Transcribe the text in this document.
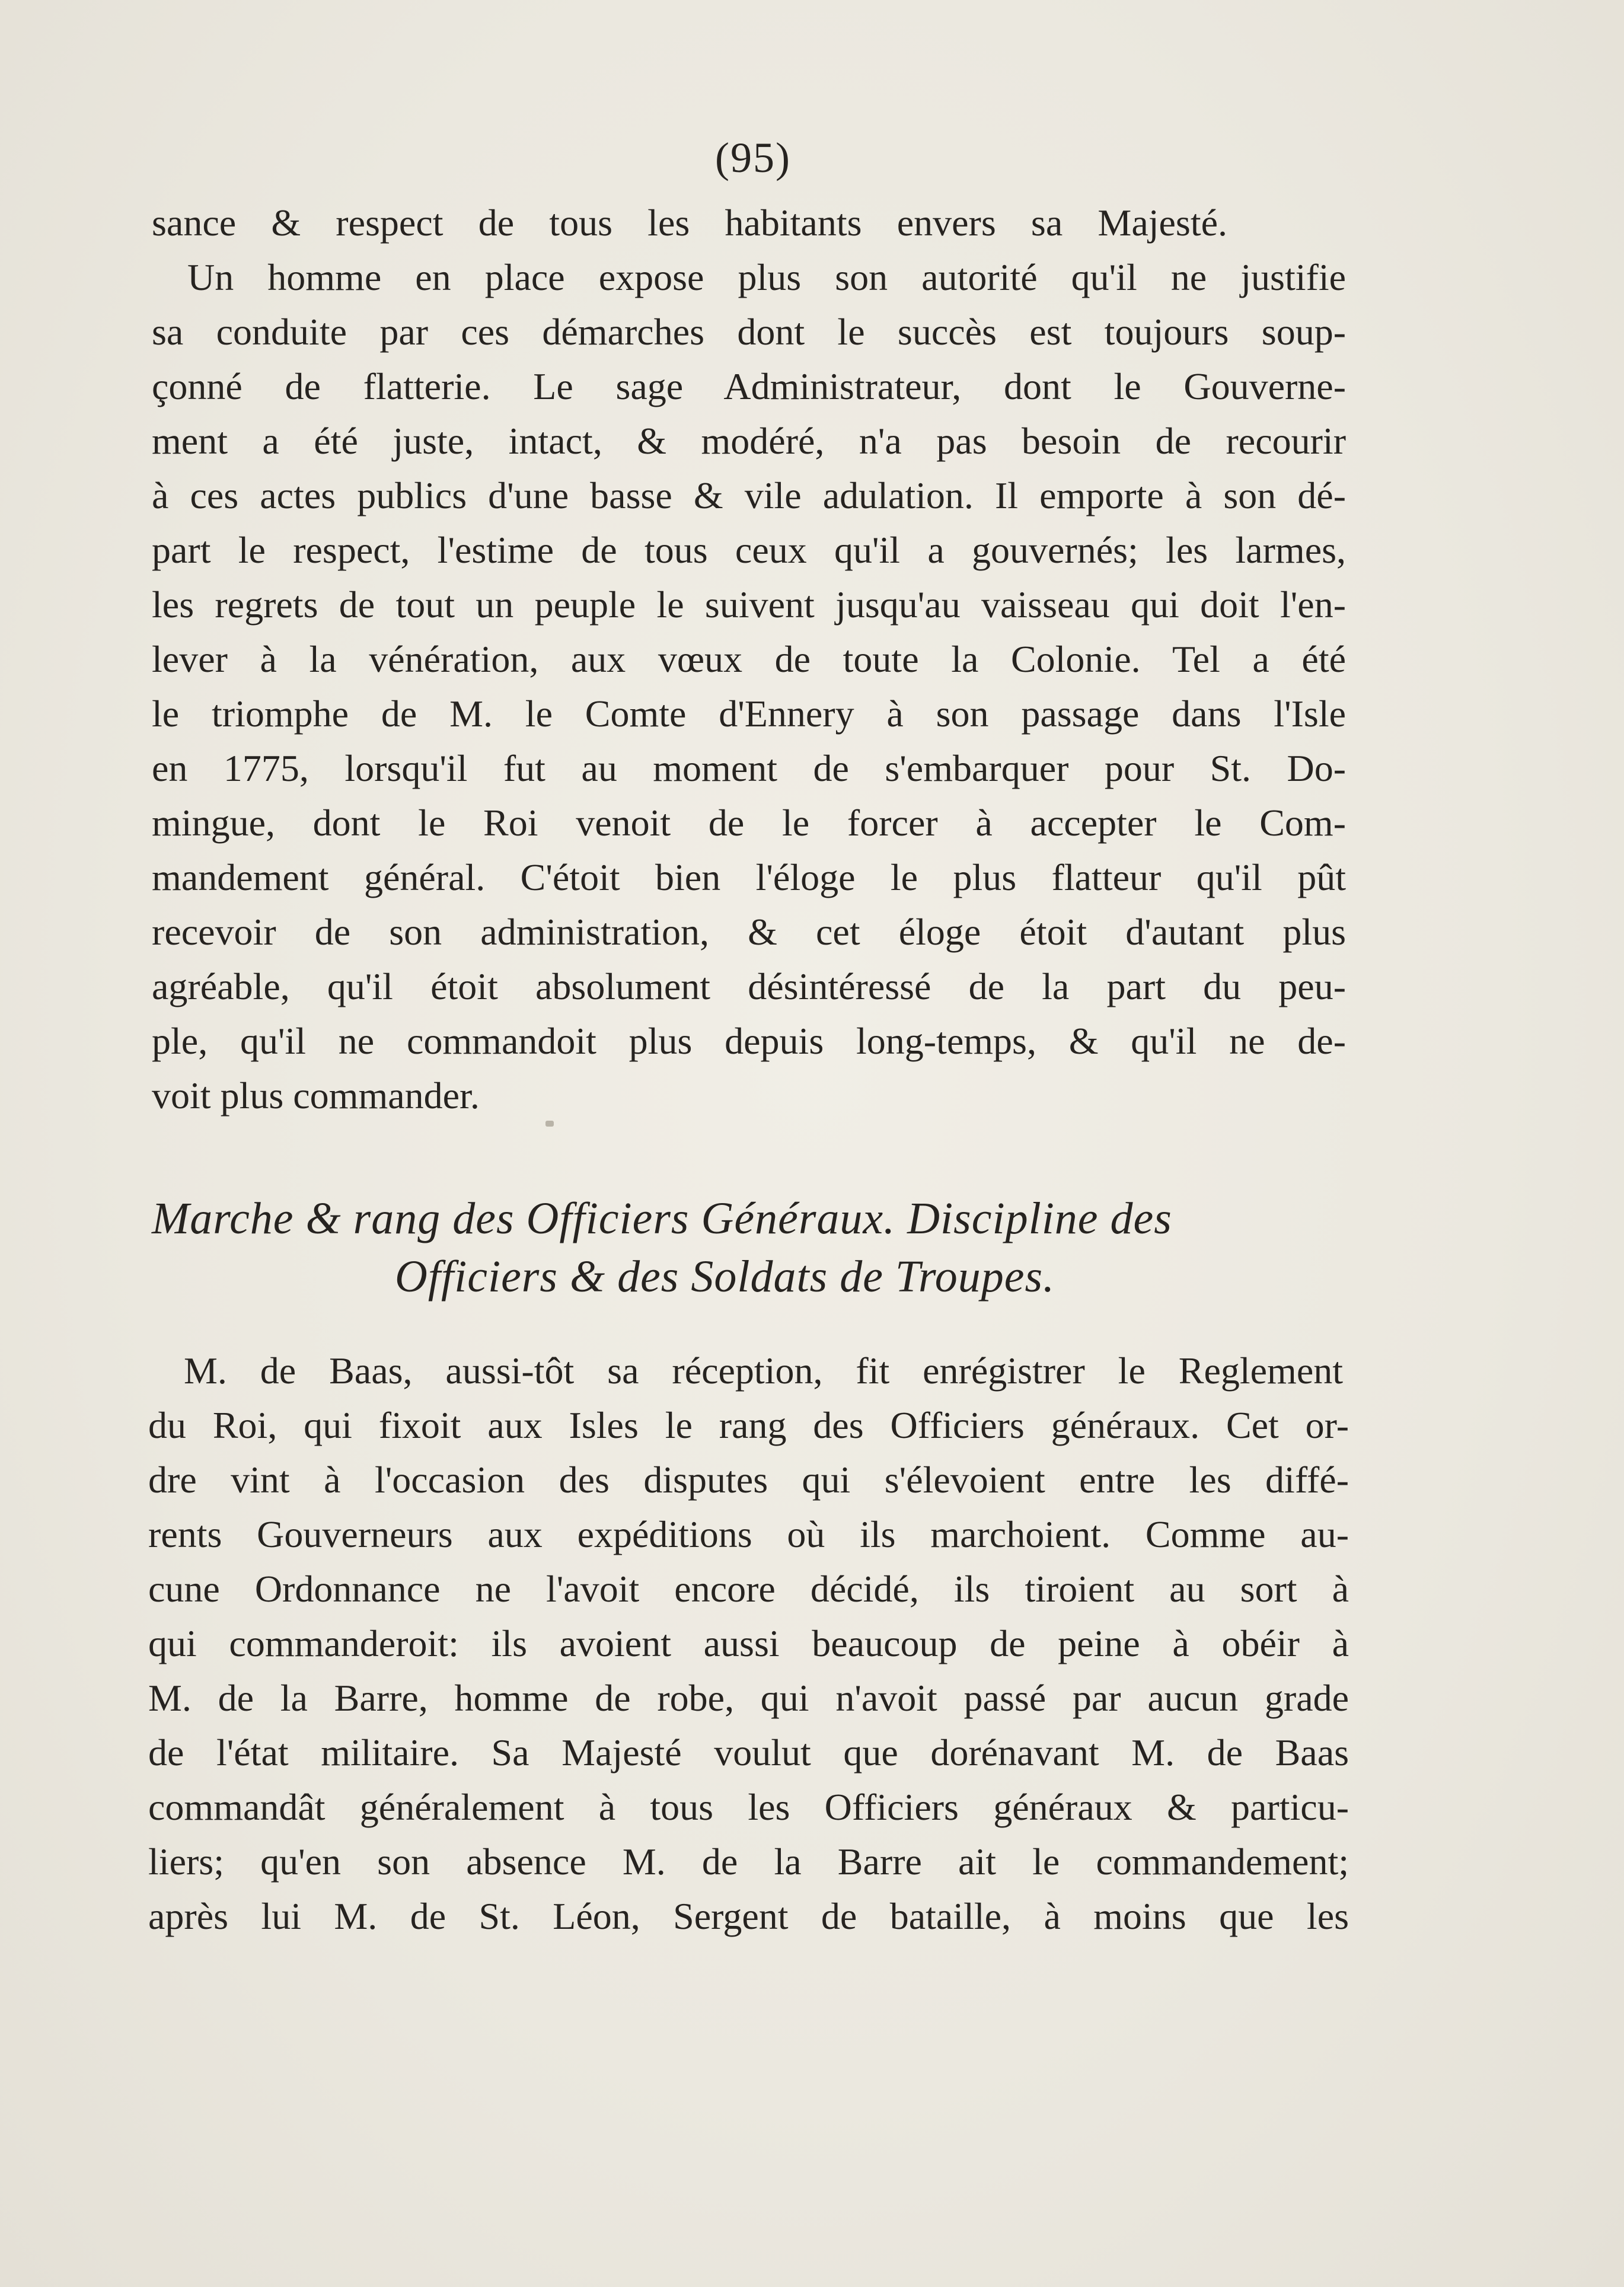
(95)
sance & respect de tous les habitants envers sa Majesté.
Un homme en place expose plus son autorité qu'il ne justifie
sa conduite par ces démarches dont le succès est toujours soup-
çonné de flatterie. Le sage Administrateur, dont le Gouverne-
ment a été juste, intact, & modéré, n'a pas besoin de recourir
à ces actes publics d'une basse & vile adulation. Il emporte à son dé-
part le respect, l'estime de tous ceux qu'il a gouvernés; les larmes,
les regrets de tout un peuple le suivent jusqu'au vaisseau qui doit l'en-
lever à la vénération, aux vœux de toute la Colonie. Tel a été
le triomphe de M. le Comte d'Ennery à son passage dans l'Isle
en 1775, lorsqu'il fut au moment de s'embarquer pour St. Do-
mingue, dont le Roi venoit de le forcer à accepter le Com-
mandement général. C'étoit bien l'éloge le plus flatteur qu'il pût
recevoir de son administration, & cet éloge étoit d'autant plus
agréable, qu'il étoit absolument désintéressé de la part du peu-
ple, qu'il ne commandoit plus depuis long-temps, & qu'il ne de-
voit plus commander.
Marche & rang des Officiers Généraux. Discipline des
Officiers & des Soldats de Troupes.
M. de Baas, aussi-tôt sa réception, fit enrégistrer le Reglement
du Roi, qui fixoit aux Isles le rang des Officiers généraux. Cet or-
dre vint à l'occasion des disputes qui s'élevoient entre les diffé-
rents Gouverneurs aux expéditions où ils marchoient. Comme au-
cune Ordonnance ne l'avoit encore décidé, ils tiroient au sort à
qui commanderoit: ils avoient aussi beaucoup de peine à obéir à
M. de la Barre, homme de robe, qui n'avoit passé par aucun grade
de l'état militaire. Sa Majesté voulut que dorénavant M. de Baas
commandât généralement à tous les Officiers généraux & particu-
liers; qu'en son absence M. de la Barre ait le commandement;
après lui M. de St. Léon, Sergent de bataille, à moins que les
